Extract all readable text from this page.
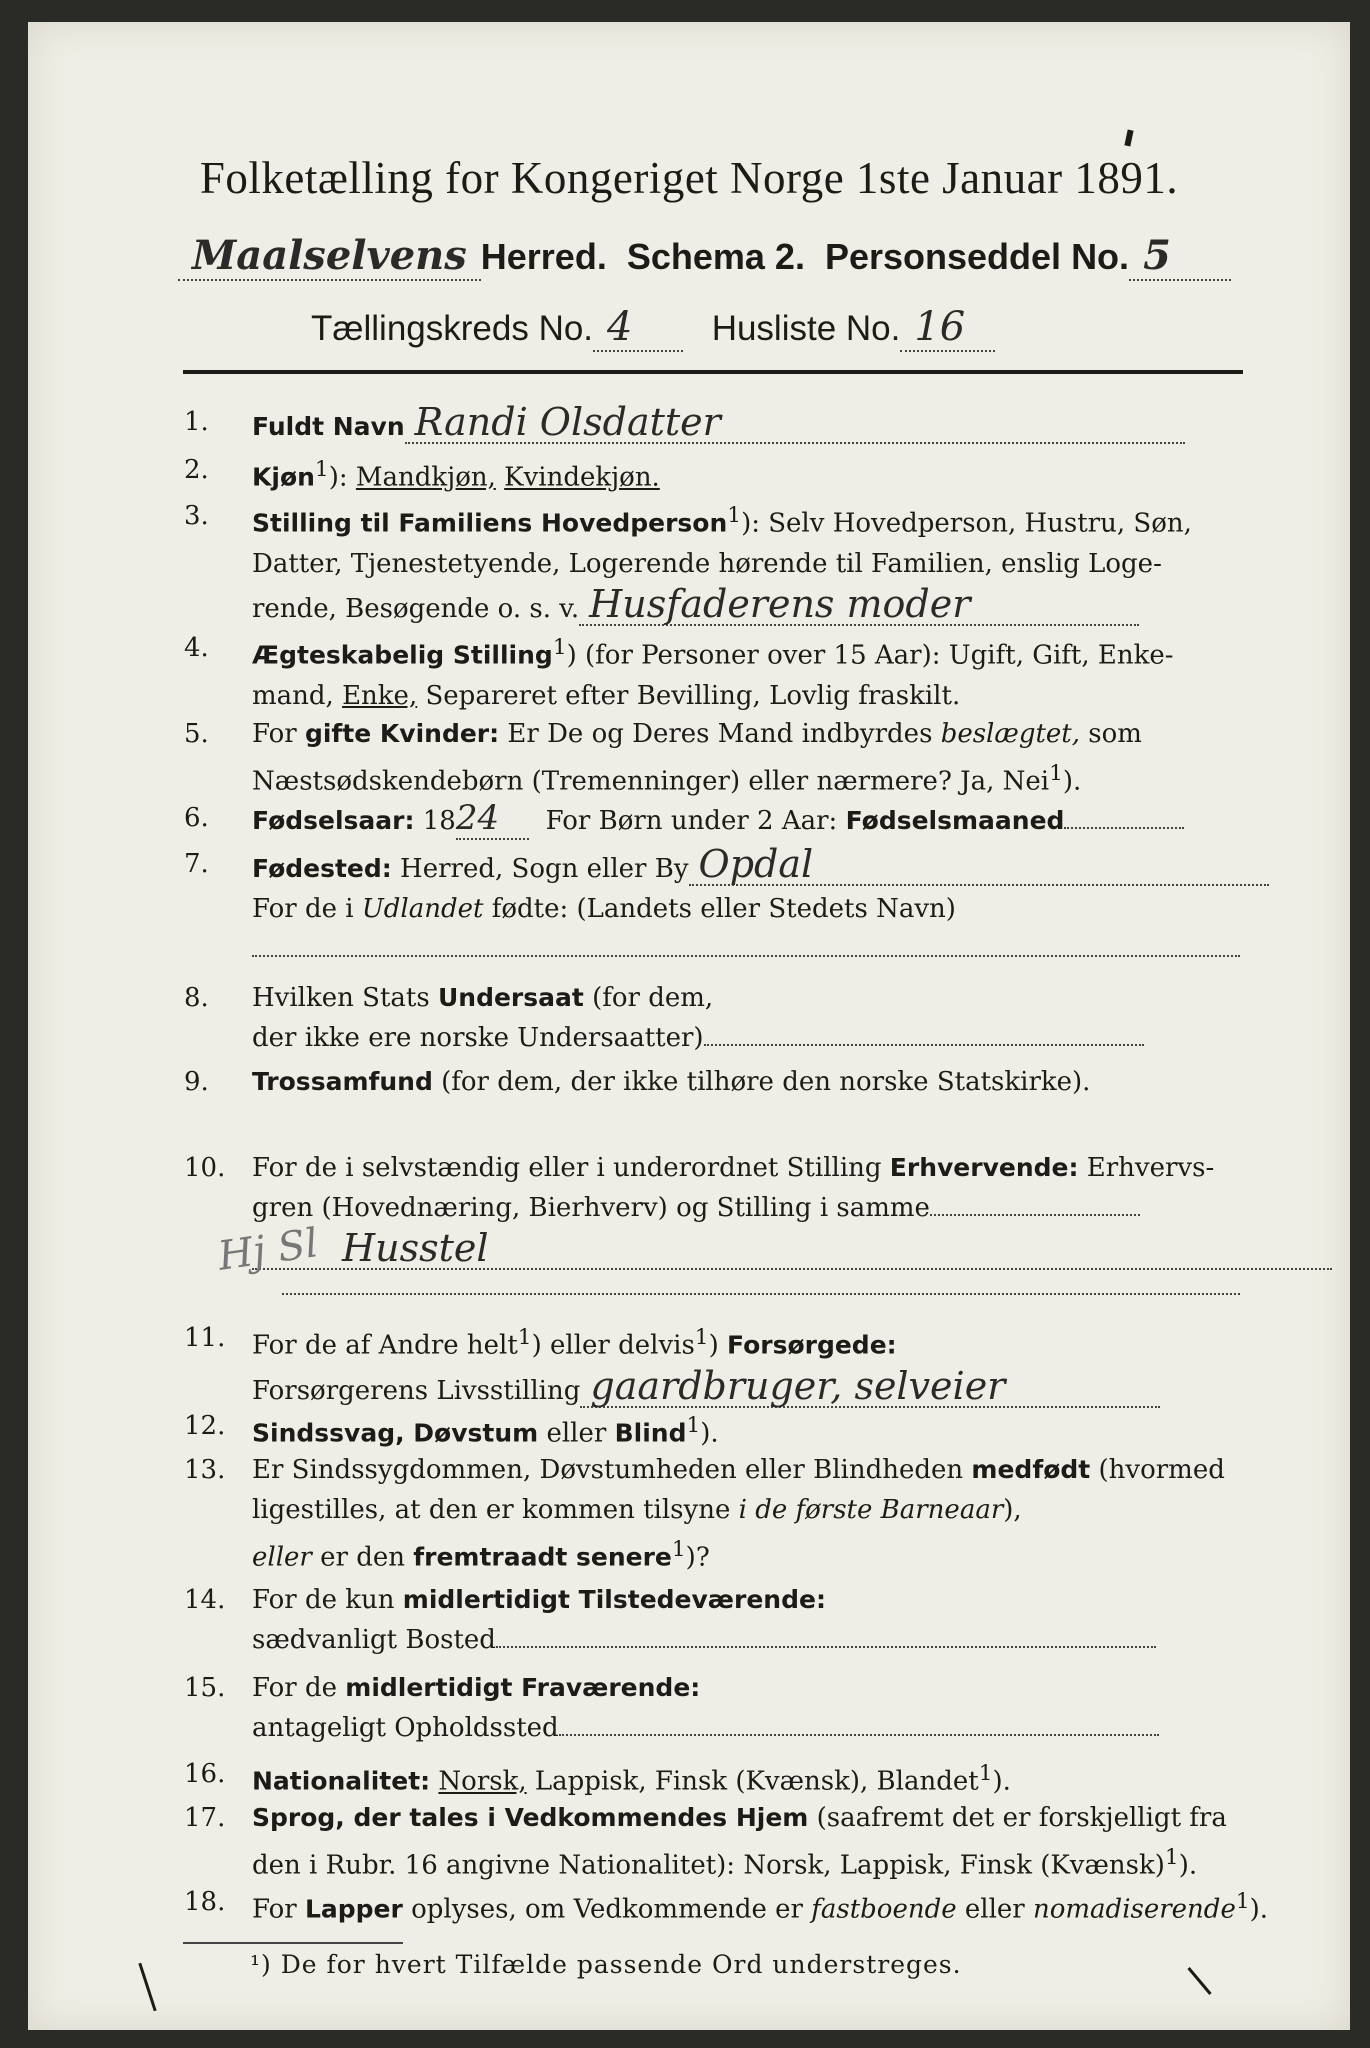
Folketælling for Kongeriget Norge 1ste Januar 1891.
Maalselvens Herred. Schema 2. Personseddel No. 5
Tællingskreds No. 4 Husliste No. 16
1.	Fuldt Navn Randi Olsdatter
2.	Kjøn$^1$): Mandkjøn, Kvindekjøn.
3.	Stilling til Familiens Hovedperson$^1$): Selv Hovedperson, Hustru, Søn,
Datter, Tjenestetyende, Logerende hørende til Familien, enslig Loge-
rende, Besøgende o. s. v. Husfaderens moder
4.	Ægteskabelig Stilling$^1$) (for Personer over 15 Aar): Ugift, Gift, Enke-
mand, Enke, Separeret efter Bevilling, Lovlig fraskilt.
5.	For gifte Kvinder: Er De og Deres Mand indbyrdes beslægtet, som
Næstsødskendebørn (Tremenninger) eller nærmere? Ja, Nei$^1$).
6.	Fødselsaar: 1824 For Børn under 2 Aar: Fødselsmaaned
7.	Fødested: Herred, Sogn eller By Opdal
For de i Udlandet fødte: (Landets eller Stedets Navn)
8.	Hvilken Stats Undersaat (for dem,
der ikke ere norske Undersaatter)
9.	Trossamfund (for dem, der ikke tilhøre den norske Statskirke).
10.	For de i selvstændig eller i underordnet Stilling Erhvervende: Erhvervs-
gren (Hovednæring, Bierhverv) og Stilling i samme
Husstel
Hj Sl
11.	For de af Andre helt$^1$) eller delvis$^1$) Forsørgede:
Forsørgerens Livsstilling gaardbruger, selveier
12.	Sindssvag, Døvstum eller Blind$^1$).
13.	Er Sindssygdommen, Døvstumheden eller Blindheden medfødt (hvormed
ligestilles, at den er kommen tilsyne i de første Barneaar),
eller er den fremtraadt senere$^1$)?
14.	For de kun midlertidigt Tilstedeværende:
sædvanligt Bosted
15.	For de midlertidigt Fraværende:
antageligt Opholdssted
16.	Nationalitet: Norsk, Lappisk, Finsk (Kvænsk), Blandet$^1$).
17.	Sprog, der tales i Vedkommendes Hjem (saafremt det er forskjelligt fra
den i Rubr. 16 angivne Nationalitet): Norsk, Lappisk, Finsk (Kvænsk)$^1$).
18.	For Lapper oplyses, om Vedkommende er fastboende eller nomadiserende$^1$).
¹) De for hvert Tilfælde passende Ord understreges.
